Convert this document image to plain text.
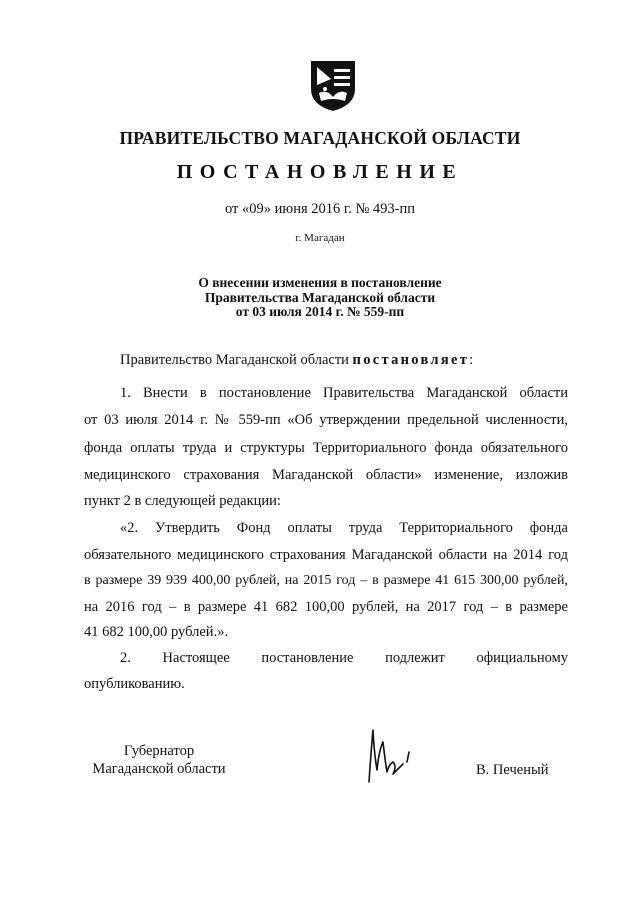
ПРАВИТЕЛЬСТВО МАГАДАНСКОЙ ОБЛАСТИ
ПОСТАНОВЛЕНИЕ
от «09» июня 2016 г. № 493-пп
г. Магадан
О внесении изменения в постановление
Правительства Магаданской области
от 03 июля 2014 г. № 559-пп
Правительство Магаданской области постановляет:
1. Внести в постановление Правительства Магаданской области
от 03 июля 2014 г. № 559-пп «Об утверждении предельной численности,
фонда оплаты труда и структуры Территориального фонда обязательного
медицинского страхования Магаданской области» изменение, изложив
пункт 2 в следующей редакции:
«2. Утвердить Фонд оплаты труда Территориального фонда
обязательного медицинского страхования Магаданской области на 2014 год
в размере 39 939 400,00 рублей, на 2015 год – в размере 41 615 300,00 рублей,
на 2016 год – в размере 41 682 100,00 рублей, на 2017 год – в размере
41 682 100,00 рублей.».
2. Настоящее постановление подлежит официальному
опубликованию.
Губернатор
Магаданской области	В. Печеный
